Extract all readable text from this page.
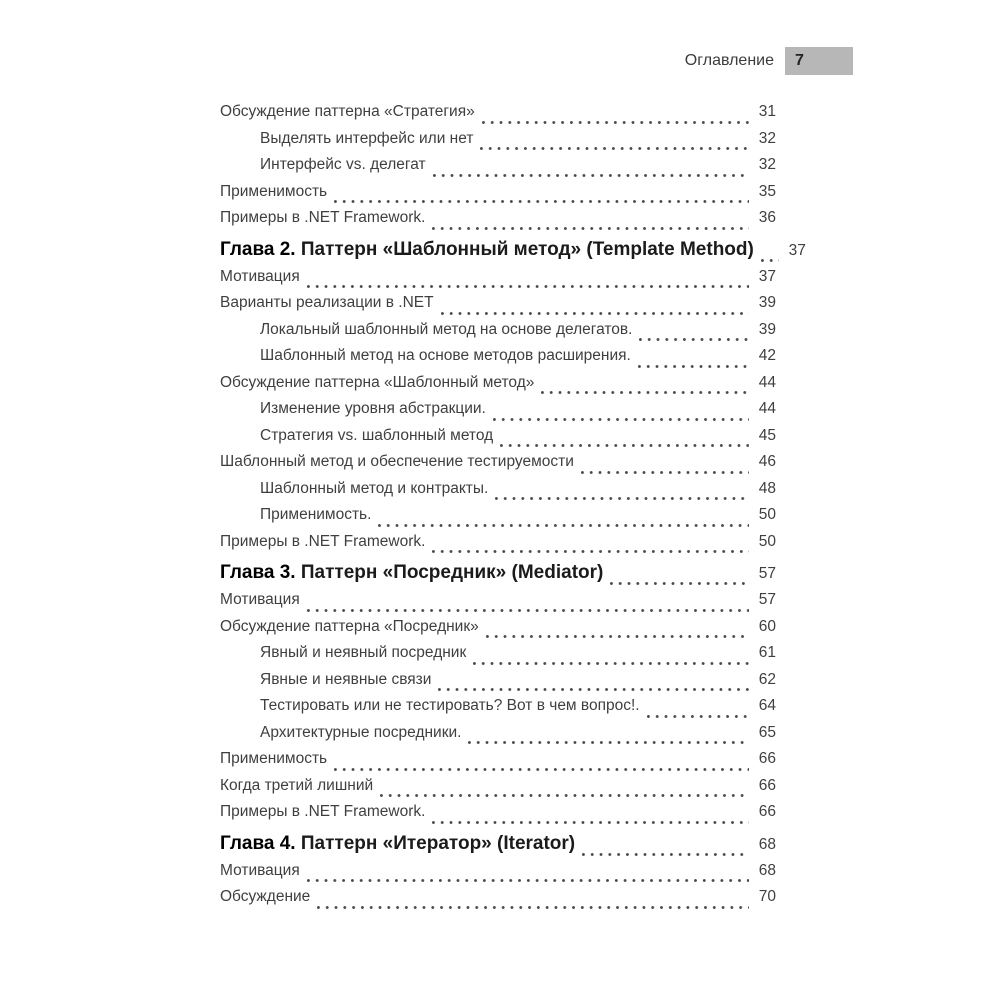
Оглавление 7
Обсуждение паттерна «Стратегия»	31
Выделять интерфейс или нет	32
Интерфейс vs. делегат	32
Применимость	35
Примеры в .NET Framework.	36
Глава 2. Паттерн «Шаблонный метод» (Template Method)	37
Мотивация	37
Варианты реализации в .NET	39
Локальный шаблонный метод на основе делегатов.	39
Шаблонный метод на основе методов расширения.	42
Обсуждение паттерна «Шаблонный метод»	44
Изменение уровня абстракции.	44
Стратегия vs. шаблонный метод	45
Шаблонный метод и обеспечение тестируемости	46
Шаблонный метод и контракты.	48
Применимость.	50
Примеры в .NET Framework.	50
Глава 3. Паттерн «Посредник» (Mediator)	57
Мотивация	57
Обсуждение паттерна «Посредник»	60
Явный и неявный посредник	61
Явные и неявные связи	62
Тестировать или не тестировать? Вот в чем вопрос!.	64
Архитектурные посредники.	65
Применимость	66
Когда третий лишний	66
Примеры в .NET Framework.	66
Глава 4. Паттерн «Итератор» (Iterator)	68
Мотивация	68
Обсуждение	70
